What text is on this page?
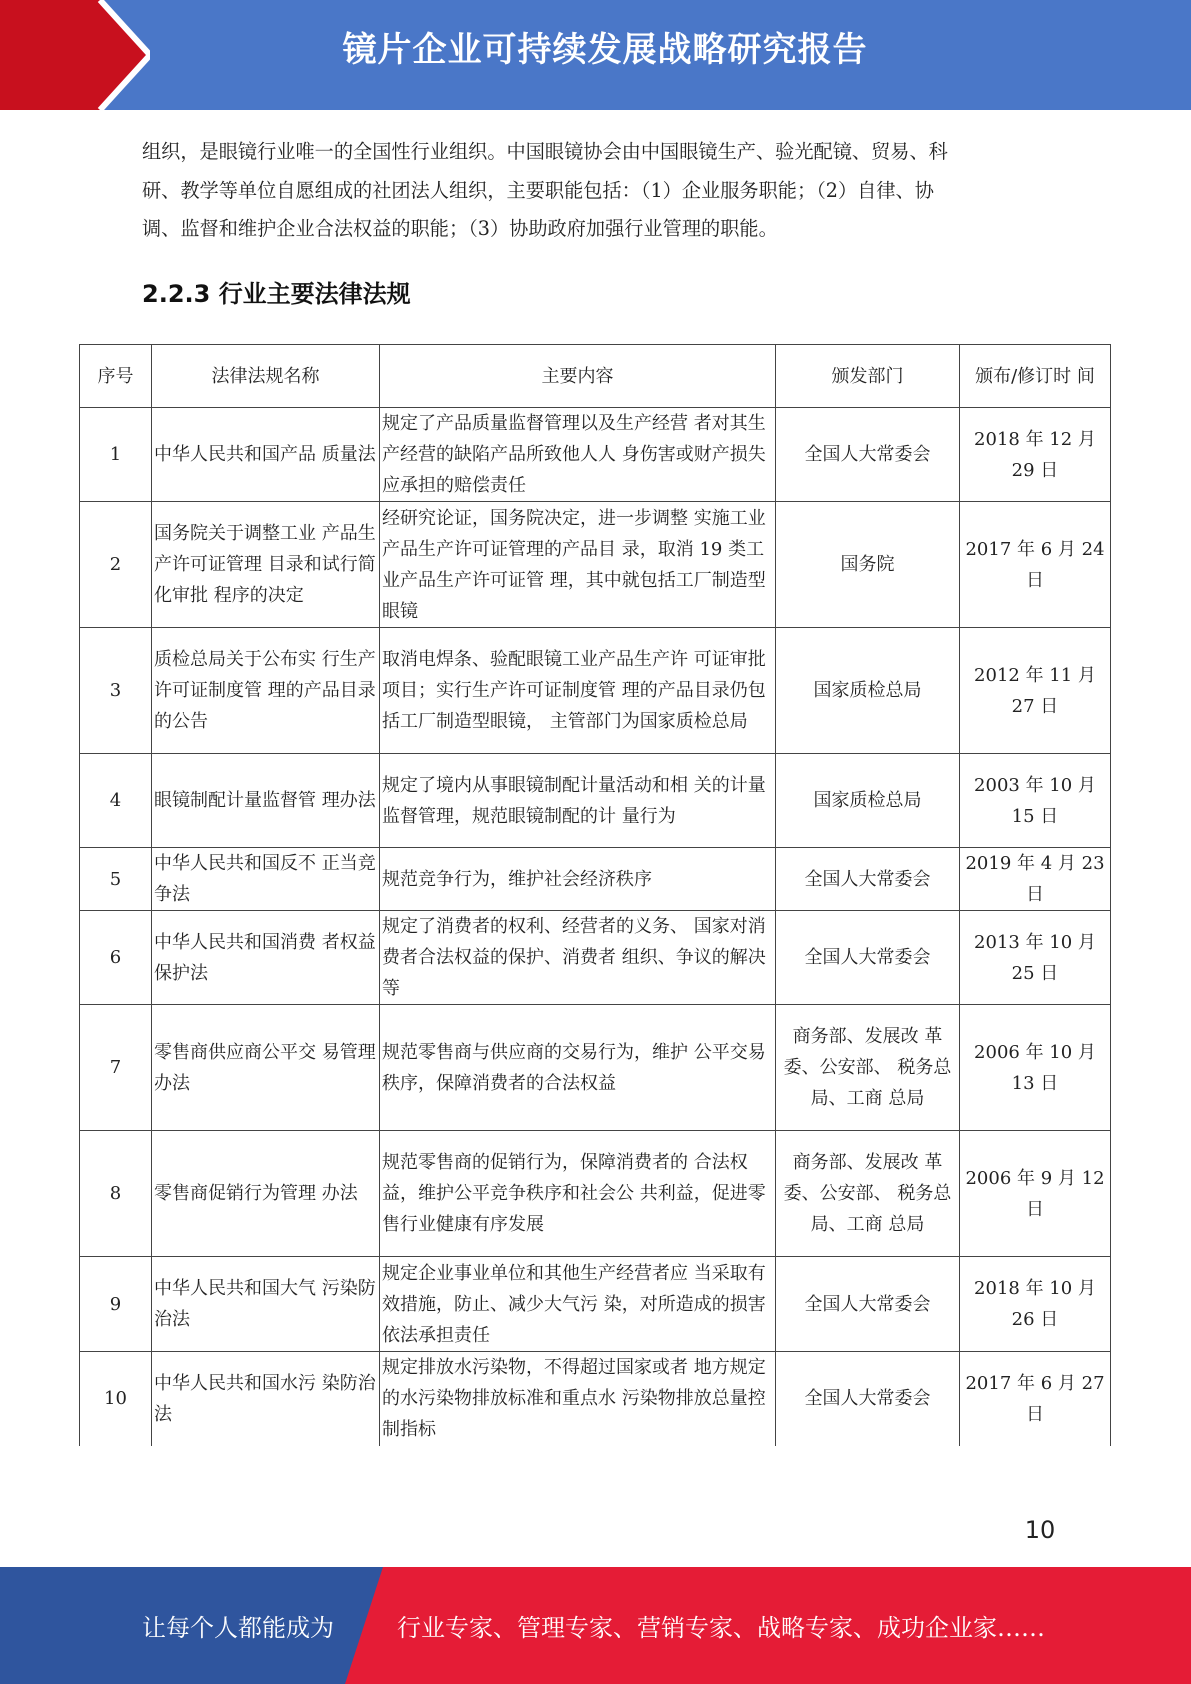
镜片企业可持续发展战略研究报告

组织，是眼镜行业唯一的全国性行业组织。中国眼镜协会由中国眼镜生产、验光配镜、贸易、科

研、教学等单位自愿组成的社团法人组织，主要职能包括：（1）企业服务职能；（2）自律、协

调、监督和维护企业合法权益的职能；（3）协助政府加强行业管理的职能。

2.2.3 行业主要法律法规
序号	法律法规名称	主要内容	颁发部门	颁布/修订时 间
1	中华人民共和国产品 质量法	规定了产品质量监督管理以及生产经营 者对其生产经营的缺陷产品所致他人人 身伤害或财产损失应承担的赔偿责任	全国人大常委会	2018 年 12 月 29 日
2	国务院关于调整工业 产品生产许可证管理 目录和试行简化审批 程序的决定	经研究论证，国务院决定，进一步调整 实施工业产品生产许可证管理的产品目 录，取消 19 类工业产品生产许可证管 理，其中就包括工厂制造型眼镜	国务院	2017 年 6 月 24 日
3	质检总局关于公布实 行生产许可证制度管 理的产品目录的公告	取消电焊条、验配眼镜工业产品生产许 可证审批项目；实行生产许可证制度管 理的产品目录仍包括工厂制造型眼镜， 主管部门为国家质检总局	国家质检总局	2012 年 11 月 27 日
4	眼镜制配计量监督管 理办法	规定了境内从事眼镜制配计量活动和相 关的计量监督管理，规范眼镜制配的计 量行为	国家质检总局	2003 年 10 月 15 日
5	中华人民共和国反不 正当竞争法	规范竞争行为，维护社会经济秩序	全国人大常委会	2019 年 4 月 23 日
6	中华人民共和国消费 者权益保护法	规定了消费者的权利、经营者的义务、 国家对消费者合法权益的保护、消费者 组织、争议的解决等	全国人大常委会	2013 年 10 月 25 日
7	零售商供应商公平交 易管理办法	规范零售商与供应商的交易行为，维护 公平交易秩序，保障消费者的合法权益	商务部、发展改 革委、公安部、 税务总局、工商 总局	2006 年 10 月 13 日
8	零售商促销行为管理 办法	规范零售商的促销行为，保障消费者的 合法权益，维护公平竞争秩序和社会公 共利益，促进零售行业健康有序发展	商务部、发展改 革委、公安部、 税务总局、工商 总局	2006 年 9 月 12 日
9	中华人民共和国大气 污染防治法	规定企业事业单位和其他生产经营者应 当采取有效措施，防止、减少大气污 染，对所造成的损害依法承担责任	全国人大常委会	2018 年 10 月 26 日
10	中华人民共和国水污 染防治法	规定排放水污染物，不得超过国家或者 地方规定的水污染物排放标准和重点水 污染物排放总量控制指标	全国人大常委会	2017 年 6 月 27 日
10
让每个人都能成为	行业专家、管理专家、营销专家、战略专家、成功企业家……
